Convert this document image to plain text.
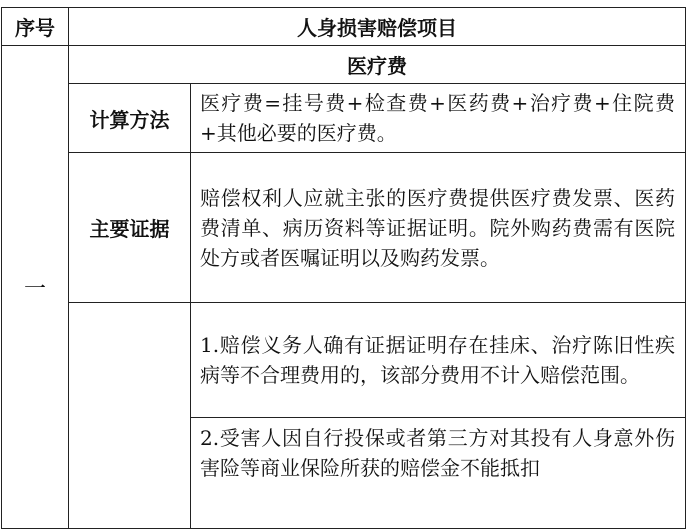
序号	人身损害赔偿项目	
一	医疗费	
	计算方法	医疗费=挂号费+检查费+医药费+治疗费+住院费+其他必要的医疗费。
	主要证据	赔偿权利人应就主张的医疗费提供医疗费发票、医药费清单、病历资料等证据证明。院外购药费需有医院处方或者医嘱证明以及购药发票。

		1.赔偿义务人确有证据证明存在挂床、治疗陈旧性疾病等不合理费用的，该部分费用不计入赔偿范围。
		2.受害人因自行投保或者第三方对其投有人身意外伤害险等商业保险所获的赔偿金不能抵扣
